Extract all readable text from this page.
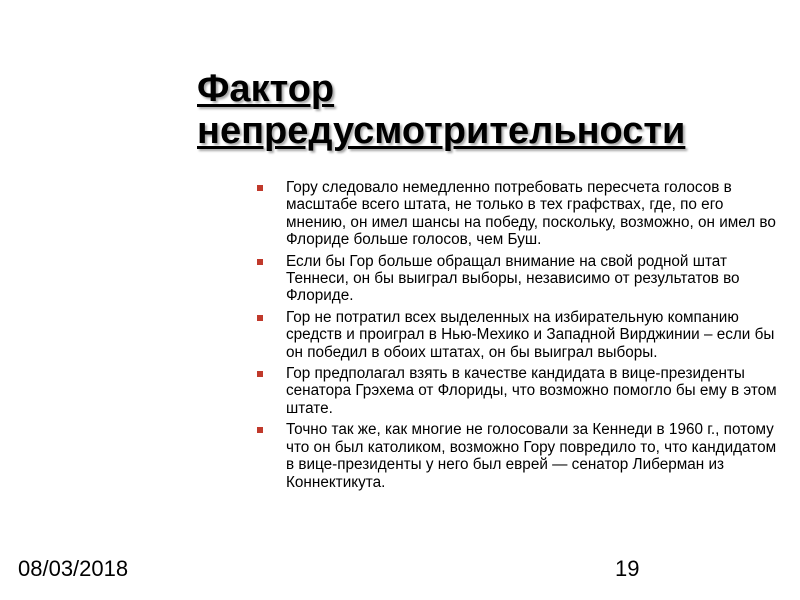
Фактор
непредусмотрительности
Гору следовало немедленно потребовать пересчета голосов в масштабе всего штата, не только в тех графствах, где, по его мнению, он имел шансы на победу, поскольку, возможно, он имел во Флориде больше голосов, чем Буш.
Если бы Гор больше обращал внимание на свой родной штат Теннеси, он бы выиграл выборы, независимо от результатов во Флориде.
Гор не потратил всех выделенных на избирательную компанию средств и проиграл в Нью-Мехико и Западной Вирджинии – если бы он победил в обоих штатах, он бы выиграл выборы.
Гор предполагал взять в качестве кандидата в вице-президенты сенатора Грэхема от Флориды, что возможно помогло бы ему в этом штате.
Точно так же, как многие не голосовали за Кеннеди в 1960 г., потому что он был католиком, возможно Гору повредило то, что кандидатом в вице-президенты у него был еврей — сенатор Либерман из Коннектикута.
08/03/2018	19
